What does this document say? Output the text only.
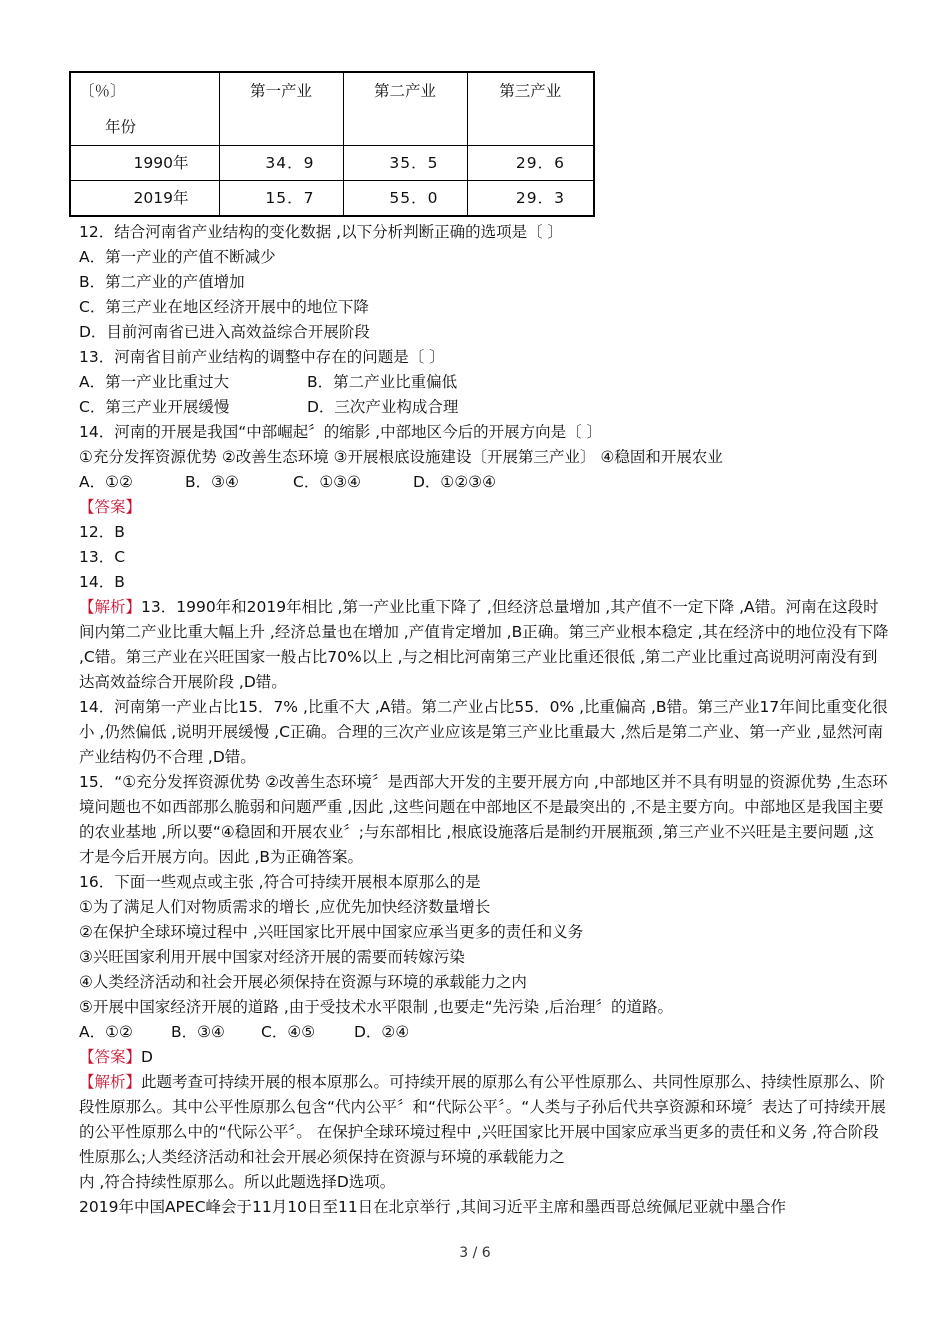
〔％〕
年份	第一产业	第二产业	第三产业
1990年	34．9	35．5	29．6
2019年	15．7	55．0	29．3
12．结合河南省产业结构的变化数据 ,以下分析判断正确的选项是〔 〕
A．第一产业的产值不断减少
B．第二产业的产值增加
C．第三产业在地区经济开展中的地位下降
D．目前河南省已进入高效益综合开展阶段
13．河南省目前产业结构的调整中存在的问题是〔 〕
A．第一产业比重过大	B．第二产业比重偏低
C．第三产业开展缓慢	D．三次产业构成合理
14．河南的开展是我国“中部崛起〞的缩影 ,中部地区今后的开展方向是〔 〕
①充分发挥资源优势 ②改善生态环境 ③开展根底设施建设〔开展第三产业〕 ④稳固和开展农业
A．①②	B．③④	C．①③④	D．①②③④
【答案】
12．B
13．C
14．B
【解析】13．1990年和2019年相比 ,第一产业比重下降了 ,但经济总量增加 ,其产值不一定下降 ,A错。河南在这段时间内第二产业比重大幅上升 ,经济总量也在增加 ,产值肯定增加 ,B正确。第三产业根本稳定 ,其在经济中的地位没有下降 ,C错。第三产业在兴旺国家一般占比70%以上 ,与之相比河南第三产业比重还很低 ,第二产业比重过高说明河南没有到达高效益综合开展阶段 ,D错。
14．河南第一产业占比15．7% ,比重不大 ,A错。第二产业占比55．0% ,比重偏高 ,B错。第三产业17年间比重变化很小 ,仍然偏低 ,说明开展缓慢 ,C正确。合理的三次产业应该是第三产业比重最大 ,然后是第二产业、第一产业 ,显然河南产业结构仍不合理 ,D错。
15．“①充分发挥资源优势 ②改善生态环境〞是西部大开发的主要开展方向 ,中部地区并不具有明显的资源优势 ,生态环境问题也不如西部那么脆弱和问题严重 ,因此 ,这些问题在中部地区不是最突出的 ,不是主要方向。中部地区是我国主要的农业基地 ,所以要“④稳固和开展农业〞;与东部相比 ,根底设施落后是制约开展瓶颈 ,第三产业不兴旺是主要问题 ,这才是今后开展方向。因此 ,B为正确答案。
16．下面一些观点或主张 ,符合可持续开展根本原那么的是
①为了满足人们对物质需求的增长 ,应优先加快经济数量增长
②在保护全球环境过程中 ,兴旺国家比开展中国家应承当更多的责任和义务
③兴旺国家利用开展中国家对经济开展的需要而转嫁污染
④人类经济活动和社会开展必须保持在资源与环境的承载能力之内
⑤开展中国家经济开展的道路 ,由于受技术水平限制 ,也要走“先污染 ,后治理〞的道路。
A．①② B．③④ C．④⑤	D．②④
【答案】D
【解析】此题考查可持续开展的根本原那么。可持续开展的原那么有公平性原那么、共同性原那么、持续性原那么、阶段性原那么。其中公平性原那么包含“代内公平〞和“代际公平〞。“人类与子孙后代共享资源和环境〞表达了可持续开展的公平性原那么中的“代际公平〞。 在保护全球环境过程中 ,兴旺国家比开展中国家应承当更多的责任和义务 ,符合阶段性原那么;人类经济活动和社会开展必须保持在资源与环境的承载能力之
内 ,符合持续性原那么。所以此题选择D选项。
2019年中国APEC峰会于11月10日至11日在北京举行 ,其间习近平主席和墨西哥总统佩尼亚就中墨合作
3 / 6
